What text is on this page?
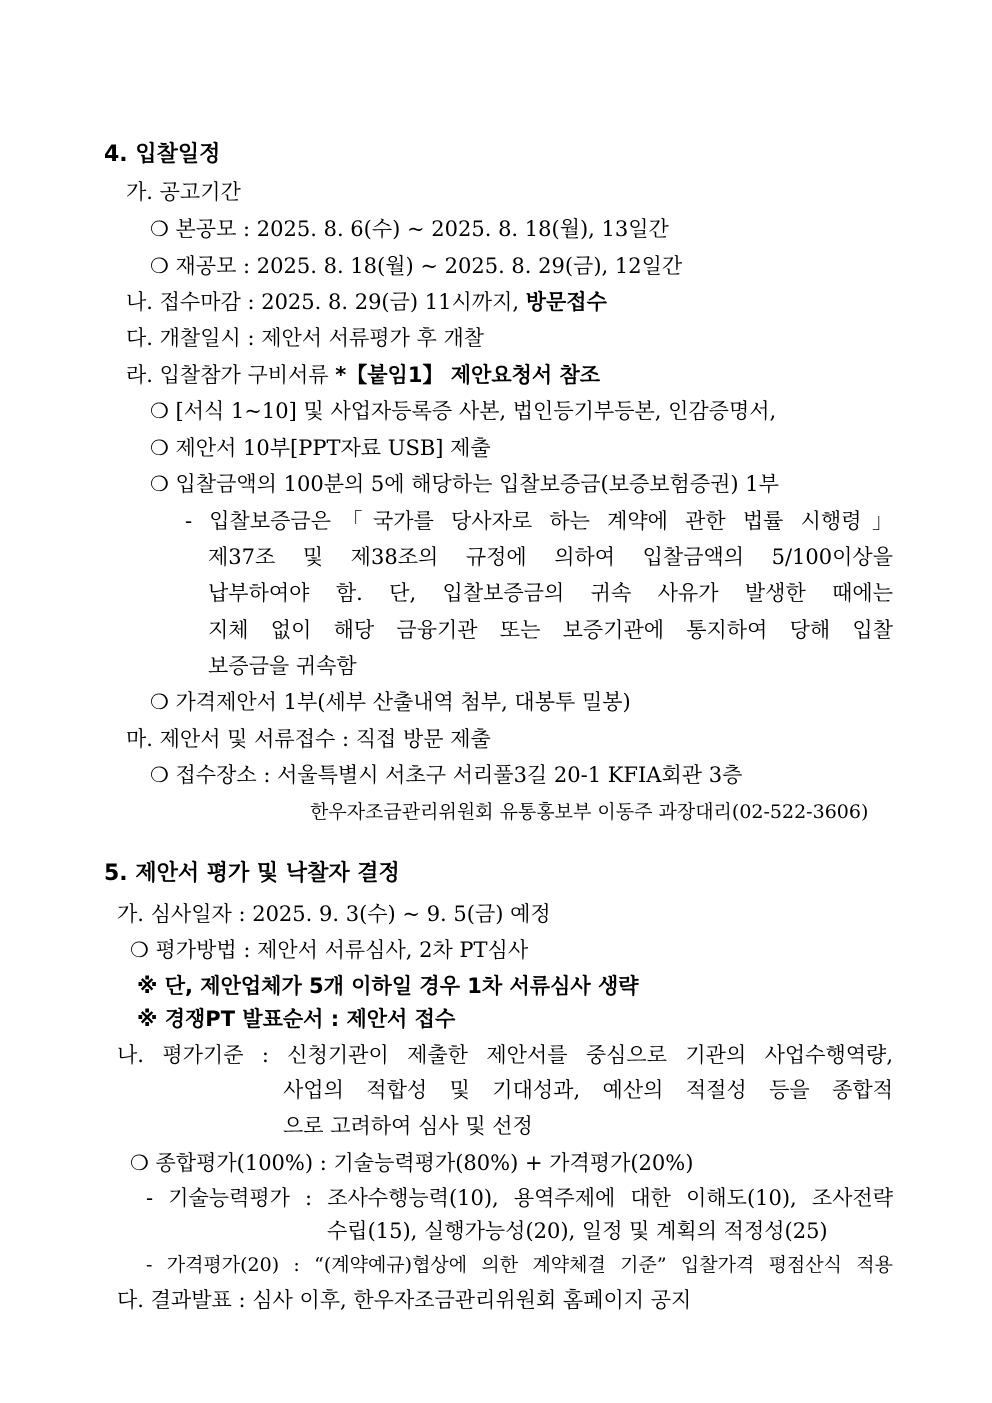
4. 입찰일정
가. 공고기간
❍ 본공모 : 2025. 8. 6(수) ~ 2025. 8. 18(월), 13일간
❍ 재공모 : 2025. 8. 18(월) ~ 2025. 8. 29(금), 12일간
나. 접수마감 : 2025. 8. 29(금) 11시까지, 방문접수
다. 개찰일시 : 제안서 서류평가 후 개찰
라. 입찰참가 구비서류 *【붙임1】 제안요청서 참조
❍ [서식 1~10] 및 사업자등록증 사본, 법인등기부등본, 인감증명서,
❍ 제안서 10부[PPT자료 USB] 제출
❍ 입찰금액의 100분의 5에 해당하는 입찰보증금(보증보험증권) 1부
- 입찰보증금은「국가를 당사자로 하는 계약에 관한 법률 시행령」
제37조 및 제38조의 규정에 의하여 입찰금액의 5/100이상을
납부하여야 함. 단, 입찰보증금의 귀속 사유가 발생한 때에는
지체 없이 해당 금융기관 또는 보증기관에 통지하여 당해 입찰
보증금을 귀속함
❍ 가격제안서 1부(세부 산출내역 첨부, 대봉투 밀봉)
마. 제안서 및 서류접수 : 직접 방문 제출
❍ 접수장소 : 서울특별시 서초구 서리풀3길 20-1 KFIA회관 3층
한우자조금관리위원회 유통홍보부 이동주 과장대리(02-522-3606)
5. 제안서 평가 및 낙찰자 결정
가. 심사일자 : 2025. 9. 3(수) ~ 9. 5(금) 예정
❍ 평가방법 : 제안서 서류심사, 2차 PT심사
※ 단, 제안업체가 5개 이하일 경우 1차 서류심사 생략
※ 경쟁PT 발표순서 : 제안서 접수
나. 평가기준 : 신청기관이 제출한 제안서를 중심으로 기관의 사업수행역량,
사업의 적합성 및 기대성과, 예산의 적절성 등을 종합적
으로 고려하여 심사 및 선정
❍ 종합평가(100%) : 기술능력평가(80%) + 가격평가(20%)
- 기술능력평가 : 조사수행능력(10), 용역주제에 대한 이해도(10), 조사전략
수립(15), 실행가능성(20), 일정 및 계획의 적정성(25)
- 가격평가(20) : “(계약예규)협상에 의한 계약체결 기준” 입찰가격 평점산식 적용
다. 결과발표 : 심사 이후, 한우자조금관리위원회 홈페이지 공지
